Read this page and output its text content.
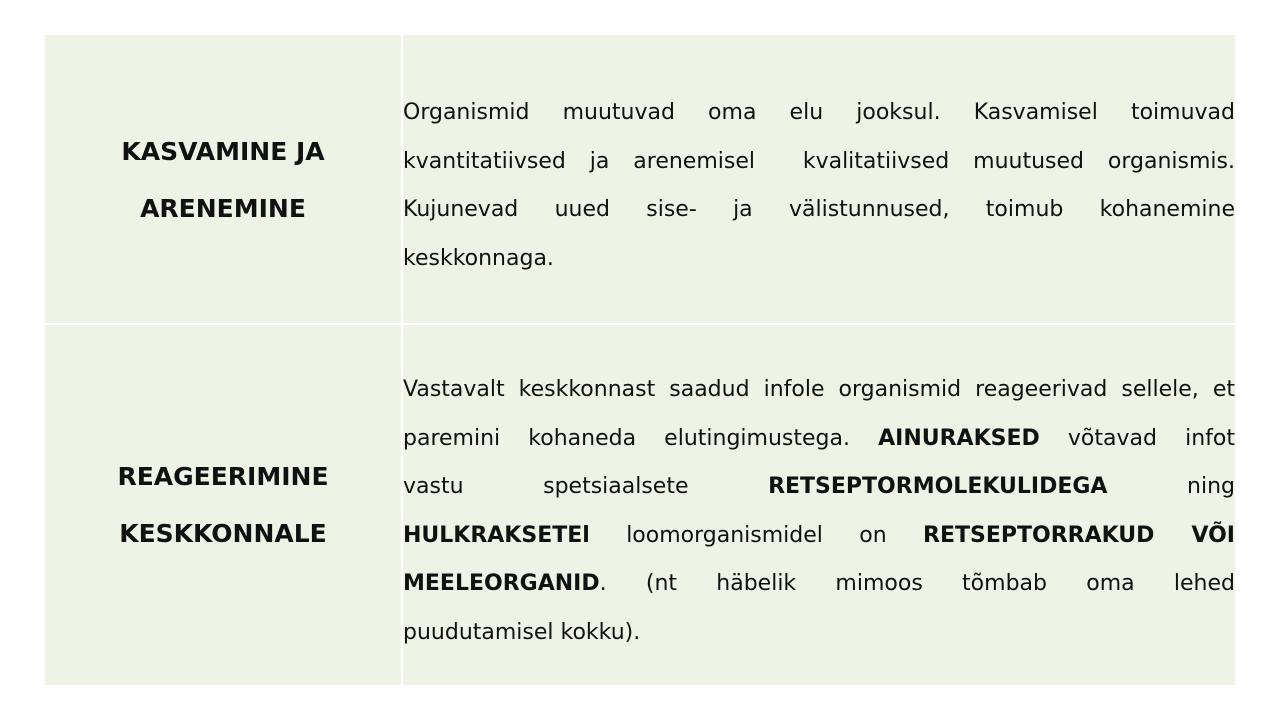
KASVAMINE JA
ARENEMINE
Organismid muutuvad oma elu jooksul. Kasvamisel toimuvad
kvantitatiivsed ja arenemisel  kvalitatiivsed muutused organismis.
Kujunevad uued sise- ja välistunnused, toimub kohanemine
keskkonnaga.
REAGEERIMINE
KESKKONNALE
Vastavalt keskkonnast saadud infole organismid reageerivad sellele, et
paremini kohaneda elutingimustega. AINURAKSED võtavad infot
vastu spetsiaalsete RETSEPTORMOLEKULIDEGA ning
HULKRAKSETEl loomorganismidel on RETSEPTORRAKUD VÕI
MEELEORGANID. (nt häbelik mimoos tõmbab oma lehed
puudutamisel kokku).
